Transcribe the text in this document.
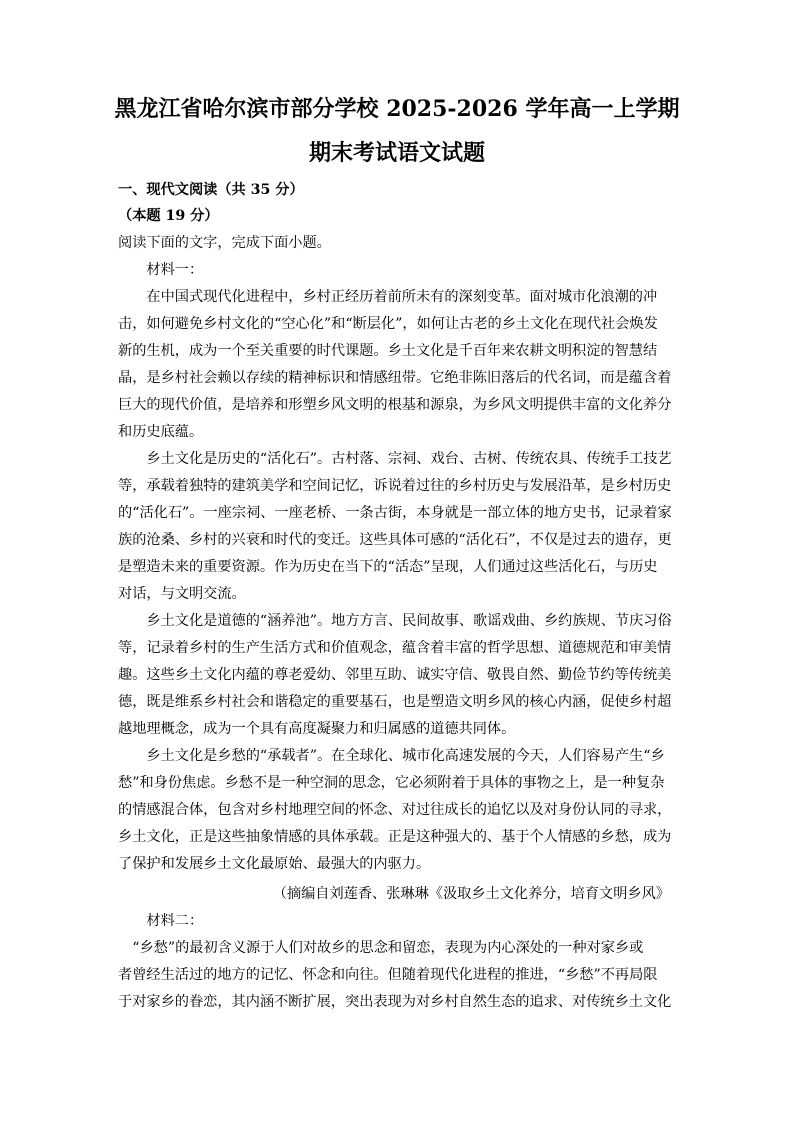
黑龙江省哈尔滨市部分学校 2025-2026 学年高一上学期
期末考试语文试题
一、现代文阅读（共 35 分）
（本题 19 分）
阅读下面的文字，完成下面小题。
　　材料一：
　　在中国式现代化进程中，乡村正经历着前所未有的深刻变革。面对城市化浪潮的冲
击，如何避免乡村文化的“空心化”和“断层化”，如何让古老的乡土文化在现代社会焕发
新的生机，成为一个至关重要的时代课题。乡土文化是千百年来农耕文明积淀的智慧结
晶，是乡村社会赖以存续的精神标识和情感纽带。它绝非陈旧落后的代名词，而是蕴含着
巨大的现代价值，是培养和形塑乡风文明的根基和源泉，为乡风文明提供丰富的文化养分
和历史底蕴。
　　乡土文化是历史的“活化石”。古村落、宗祠、戏台、古树、传统农具、传统手工技艺
等，承载着独特的建筑美学和空间记忆，诉说着过往的乡村历史与发展沿革，是乡村历史
的“活化石”。一座宗祠、一座老桥、一条古街，本身就是一部立体的地方史书，记录着家
族的沧桑、乡村的兴衰和时代的变迁。这些具体可感的“活化石”，不仅是过去的遗存，更
是塑造未来的重要资源。作为历史在当下的“活态”呈现，人们通过这些活化石，与历史
对话，与文明交流。
　　乡土文化是道德的“涵养池”。地方方言、民间故事、歌谣戏曲、乡约族规、节庆习俗
等，记录着乡村的生产生活方式和价值观念，蕴含着丰富的哲学思想、道德规范和审美情
趣。这些乡土文化内蕴的尊老爱幼、邻里互助、诚实守信、敬畏自然、勤俭节约等传统美
德，既是维系乡村社会和谐稳定的重要基石，也是塑造文明乡风的核心内涵，促使乡村超
越地理概念，成为一个具有高度凝聚力和归属感的道德共同体。
　　乡土文化是乡愁的“承载者”。在全球化、城市化高速发展的今天，人们容易产生“乡
愁”和身份焦虑。乡愁不是一种空洞的思念，它必须附着于具体的事物之上，是一种复杂
的情感混合体，包含对乡村地理空间的怀念、对过往成长的追忆以及对身份认同的寻求，
乡土文化，正是这些抽象情感的具体承载。正是这种强大的、基于个人情感的乡愁，成为
了保护和发展乡土文化最原始、最强大的内驱力。
（摘编自刘莲香、张琳琳《汲取乡土文化养分，培育文明乡风》
　　材料二：
　“乡愁”的最初含义源于人们对故乡的思念和留恋，表现为内心深处的一种对家乡或
者曾经生活过的地方的记忆、怀念和向往。但随着现代化进程的推进，“乡愁”不再局限
于对家乡的眷恋，其内涵不断扩展，突出表现为对乡村自然生态的追求、对传统乡土文化
